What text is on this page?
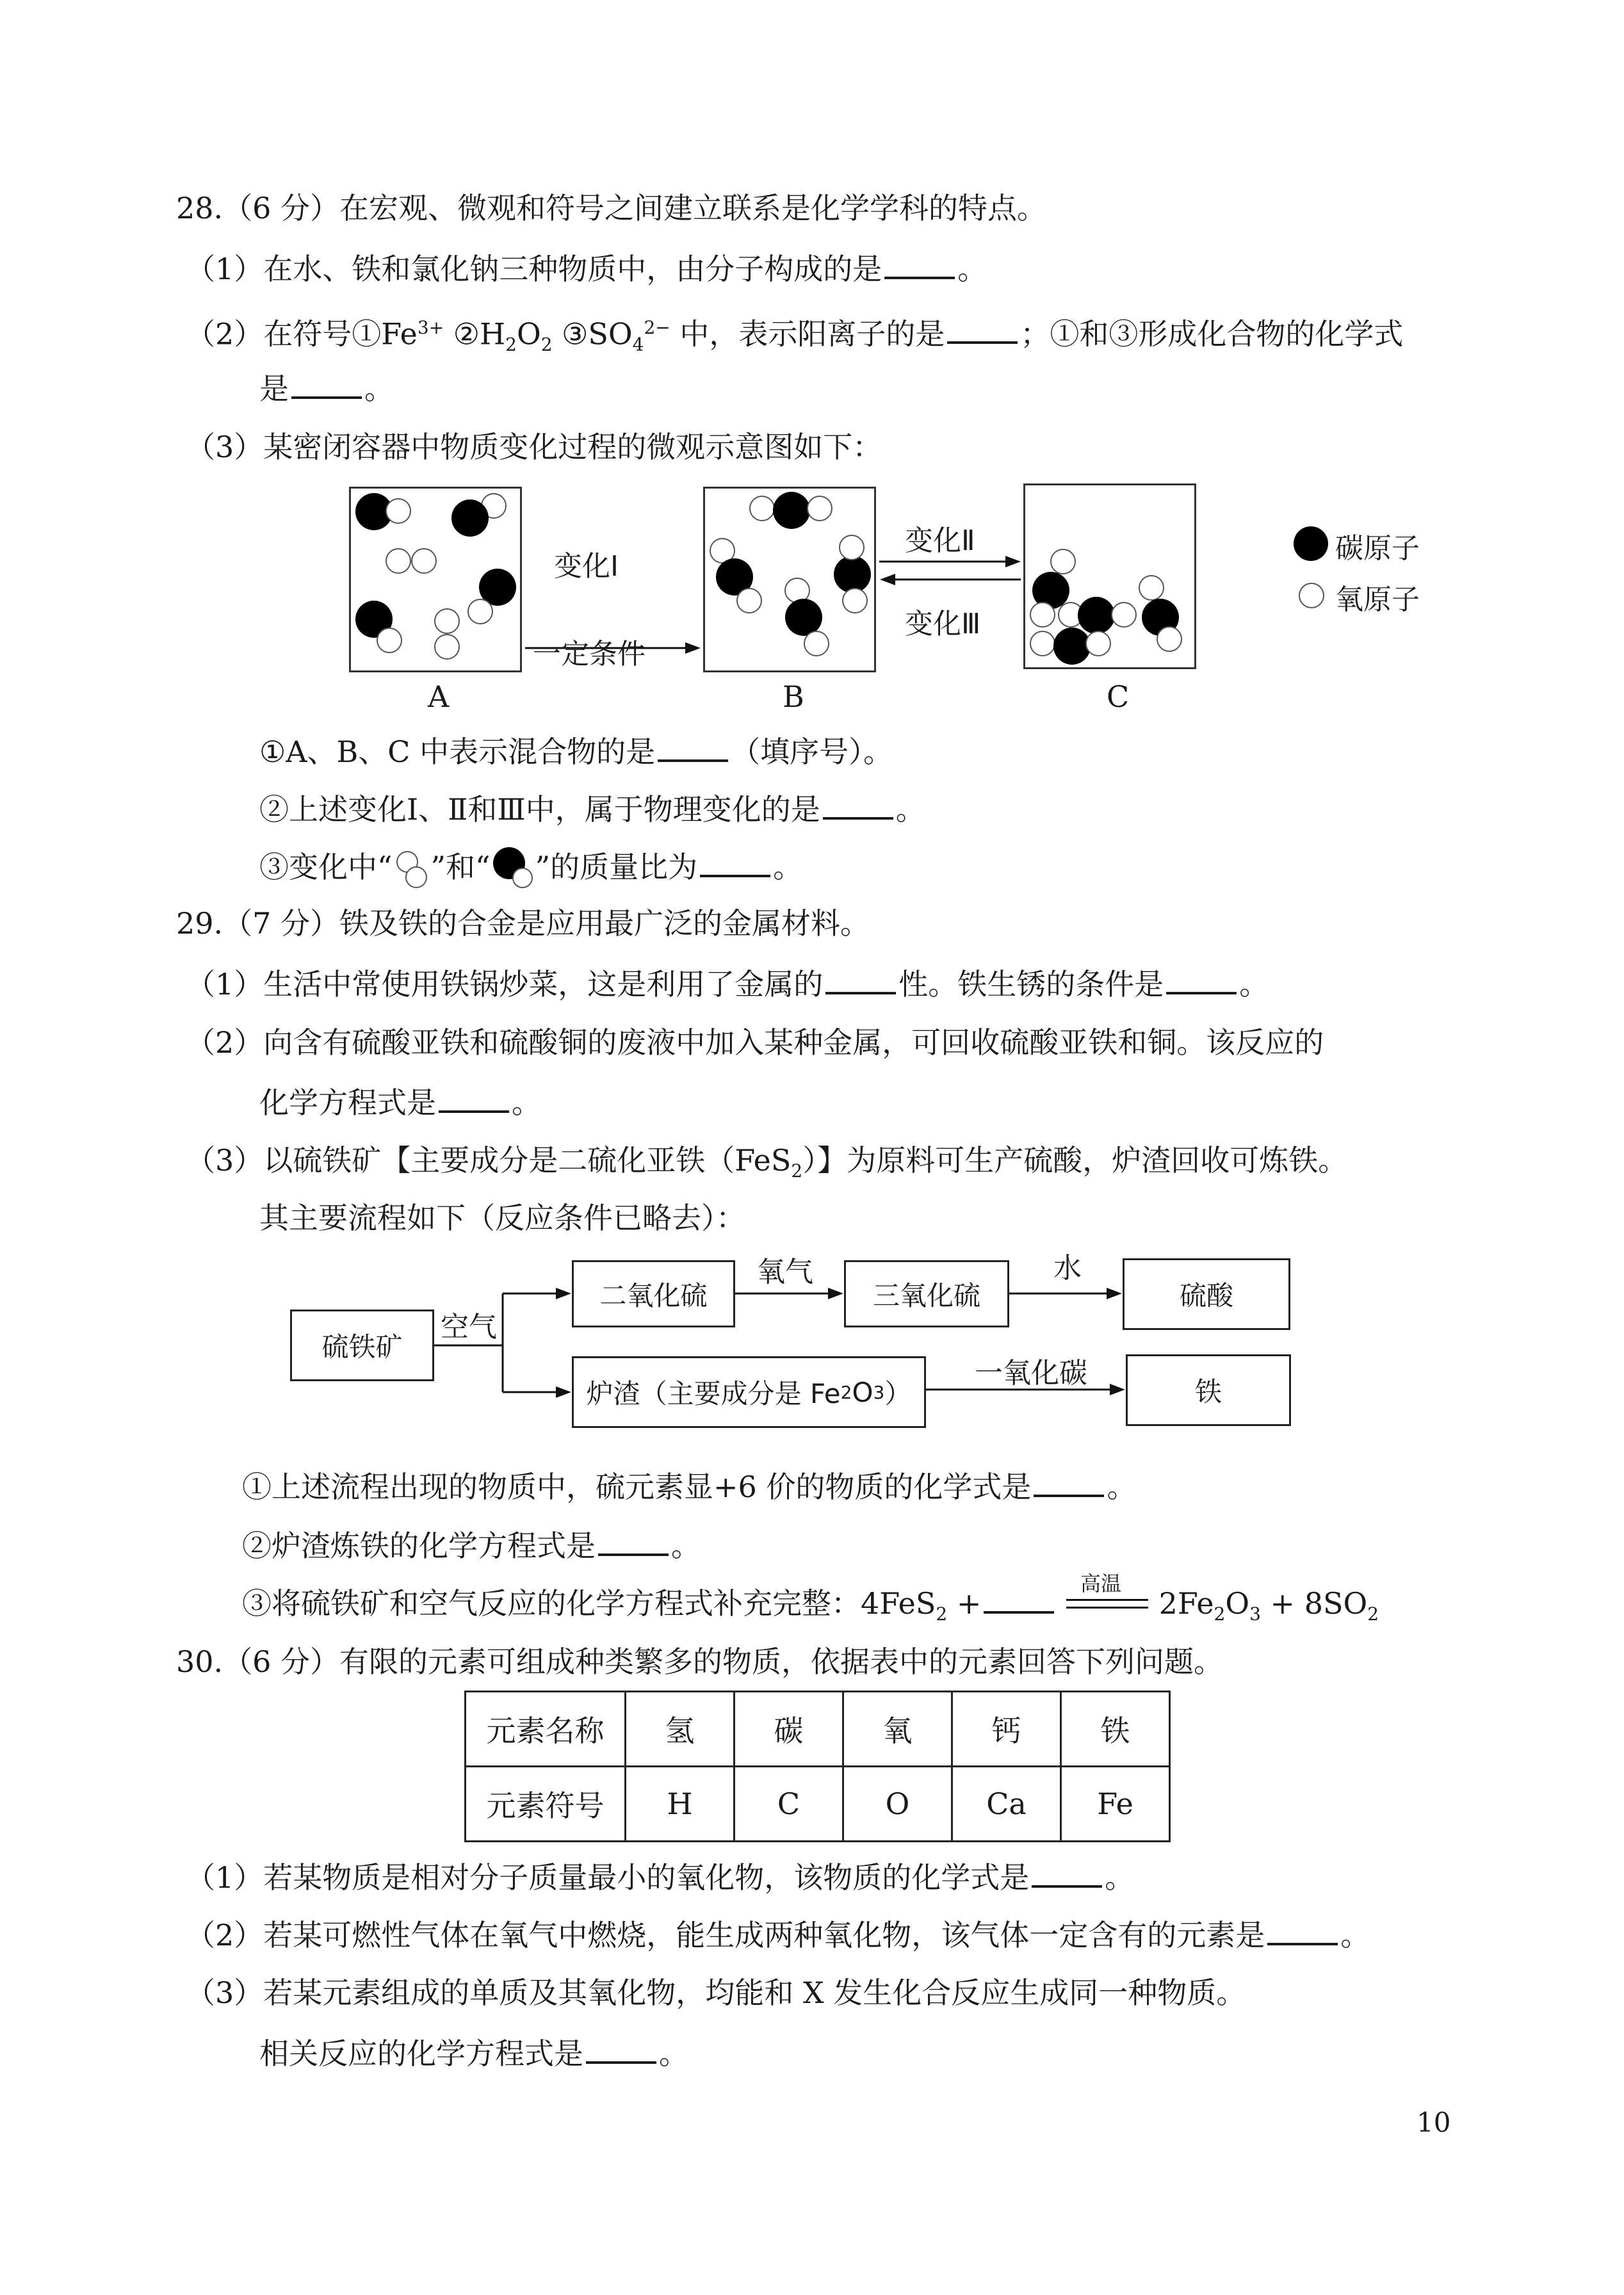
28.（6 分）在宏观、微观和符号之间建立联系是化学学科的特点。
（1）在水、铁和氯化钠三种物质中，由分子构成的是	。
（2）在符号$①Fe^{3+}$ $②H_2O_2$ $③SO_4^{2-}$ 中，表示阳离子的是	；①和③形成化合物的化学式
是	。
（3）某密闭容器中物质变化过程的微观示意图如下：
变化Ⅰ
一定条件
变化Ⅱ
变化Ⅲ
A	B	C
碳原子
氧原子
①A、B、C 中表示混合物的是	（填序号）。
②上述变化Ⅰ、Ⅱ和Ⅲ中，属于物理变化的是	。
③变化中“ ”和“ ”的质量比为	。
29.（7 分）铁及铁的合金是应用最广泛的金属材料。
（1）生活中常使用铁锅炒菜，这是利用了金属的	性。铁生锈的条件是	。
（2）向含有硫酸亚铁和硫酸铜的废液中加入某种金属，可回收硫酸亚铁和铜。该反应的
化学方程式是	。
（3）以硫铁矿【主要成分是二硫化亚铁（FeS$_2$）】为原料可生产硫酸，炉渣回收可炼铁。
其主要流程如下（反应条件已略去）：
硫铁矿
二氧化硫	三氧化硫	硫酸
炉渣（主要成分是 Fe 2 O 3 ）	铁
空气
氧气	水
一氧化碳
①上述流程出现的物质中，硫元素显+6 价的物质的化学式是	。
②炉渣炼铁的化学方程式是	。
③将硫铁矿和空气反应的化学方程式补充完整：4FeS$_2$ +
高温
$2Fe_2O_3 + 8SO_2$
30.（6 分）有限的元素可组成种类繁多的物质，依据表中的元素回答下列问题。
元素名称	氢	碳	氧	钙	铁
元素符号	H	C	O	Ca	Fe
（1）若某物质是相对分子质量最小的氧化物，该物质的化学式是	。
（2）若某可燃性气体在氧气中燃烧，能生成两种氧化物，该气体一定含有的元素是	。
（3）若某元素组成的单质及其氧化物，均能和 X 发生化合反应生成同一种物质。
相关反应的化学方程式是	。
10
